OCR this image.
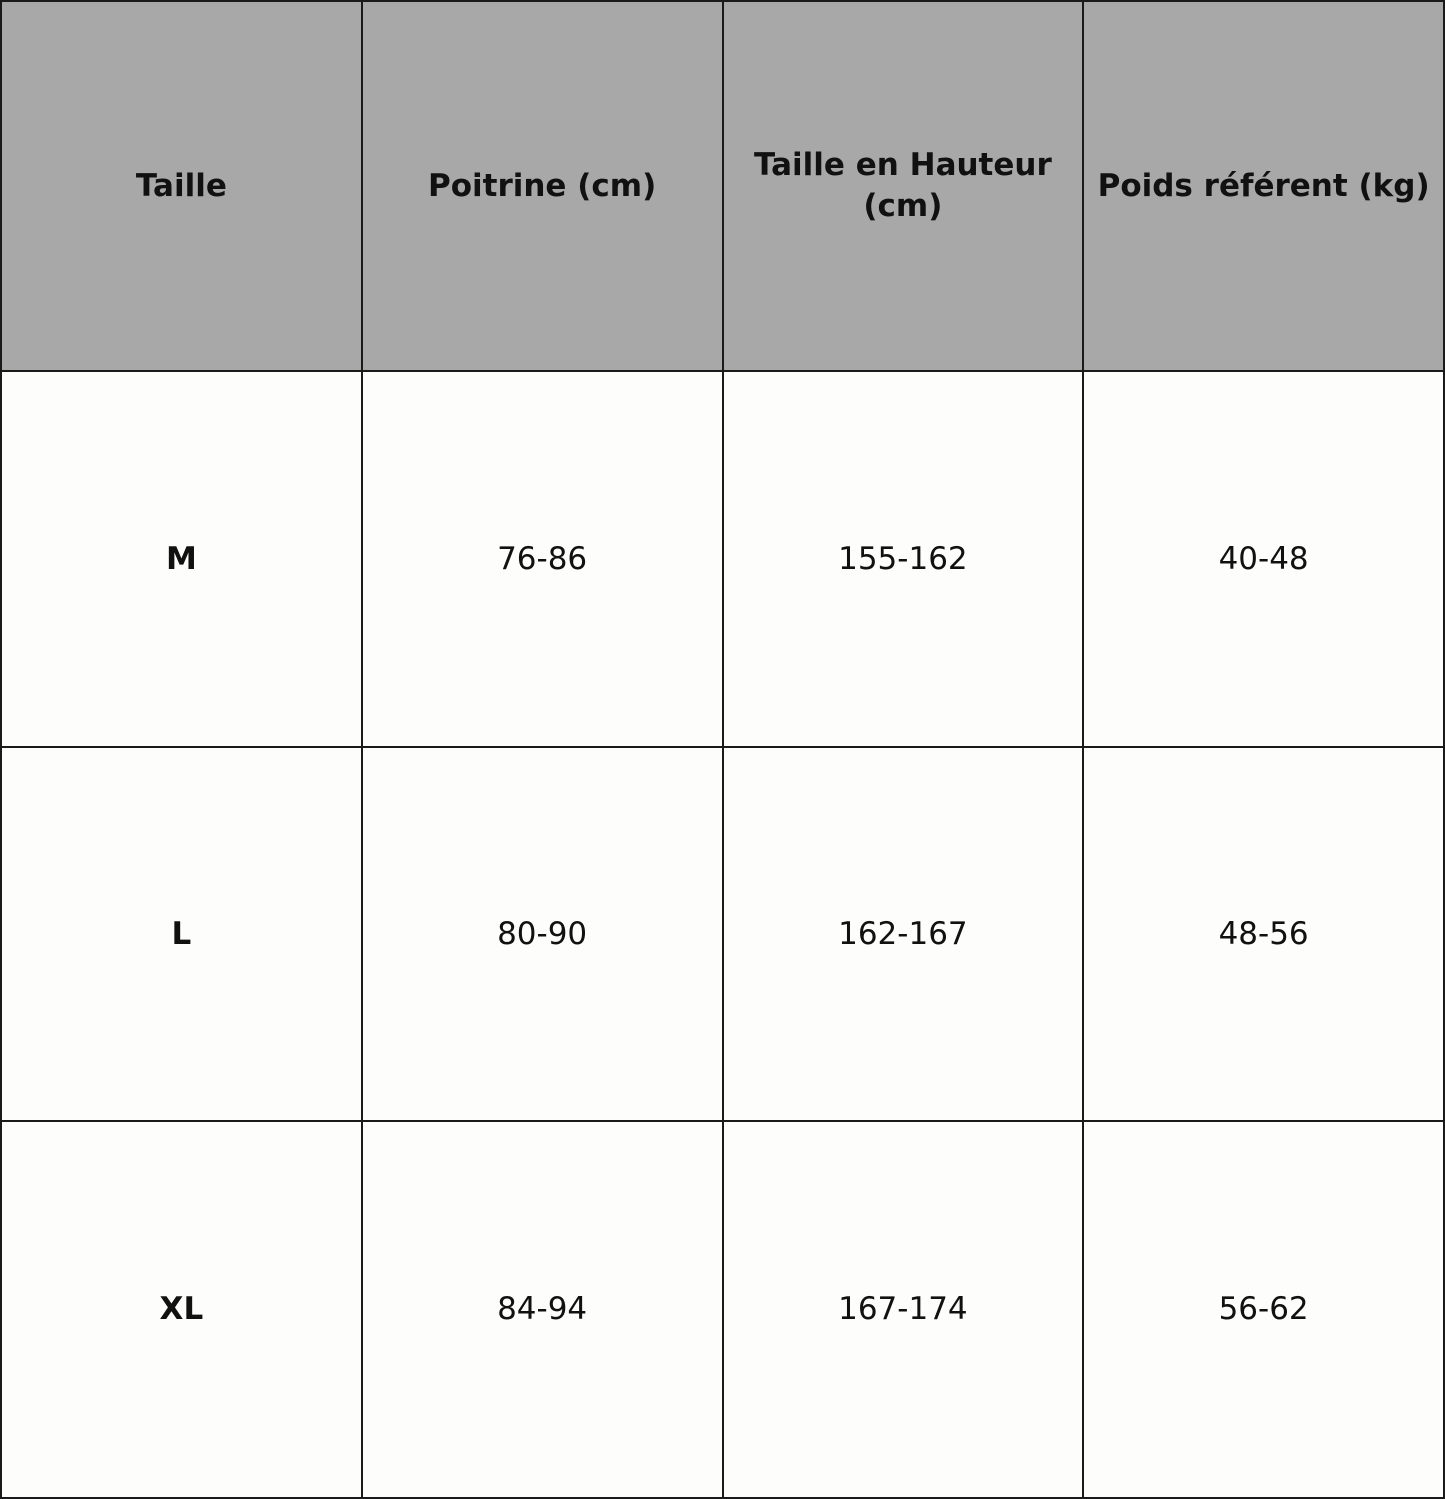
Taille	Poitrine (cm)	Taille en Hauteur (cm)	Poids référent (kg)
M	76-86	155-162	40-48
L	80-90	162-167	48-56
XL	84-94	167-174	56-62
